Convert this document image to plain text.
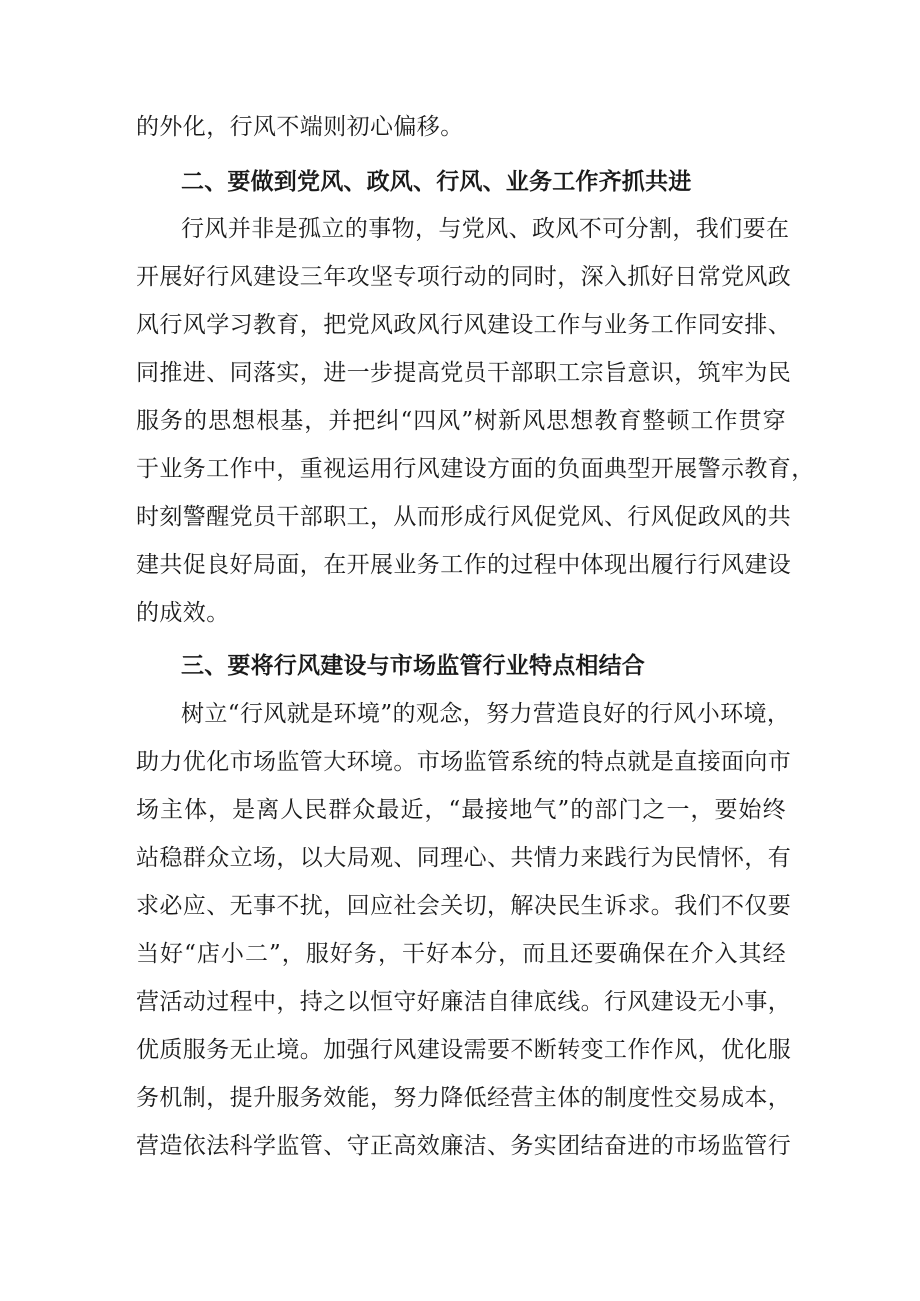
的外化，行风不端则初心偏移。
二、要做到党风、政风、行风、业务工作齐抓共进
行风并非是孤立的事物，与党风、政风不可分割，我们要在
开展好行风建设三年攻坚专项行动的同时，深入抓好日常党风政
风行风学习教育，把党风政风行风建设工作与业务工作同安排、
同推进、同落实，进一步提高党员干部职工宗旨意识，筑牢为民
服务的思想根基，并把纠“四风”树新风思想教育整顿工作贯穿
于业务工作中，重视运用行风建设方面的负面典型开展警示教育，
时刻警醒党员干部职工，从而形成行风促党风、行风促政风的共
建共促良好局面，在开展业务工作的过程中体现出履行行风建设
的成效。
三、要将行风建设与市场监管行业特点相结合
树立“行风就是环境”的观念，努力营造良好的行风小环境，
助力优化市场监管大环境。市场监管系统的特点就是直接面向市
场主体，是离人民群众最近，“最接地气”的部门之一，要始终
站稳群众立场，以大局观、同理心、共情力来践行为民情怀，有
求必应、无事不扰，回应社会关切，解决民生诉求。我们不仅要
当好“店小二”，服好务，干好本分，而且还要确保在介入其经
营活动过程中，持之以恒守好廉洁自律底线。行风建设无小事，
优质服务无止境。加强行风建设需要不断转变工作作风，优化服
务机制，提升服务效能，努力降低经营主体的制度性交易成本，
营造依法科学监管、守正高效廉洁、务实团结奋进的市场监管行
